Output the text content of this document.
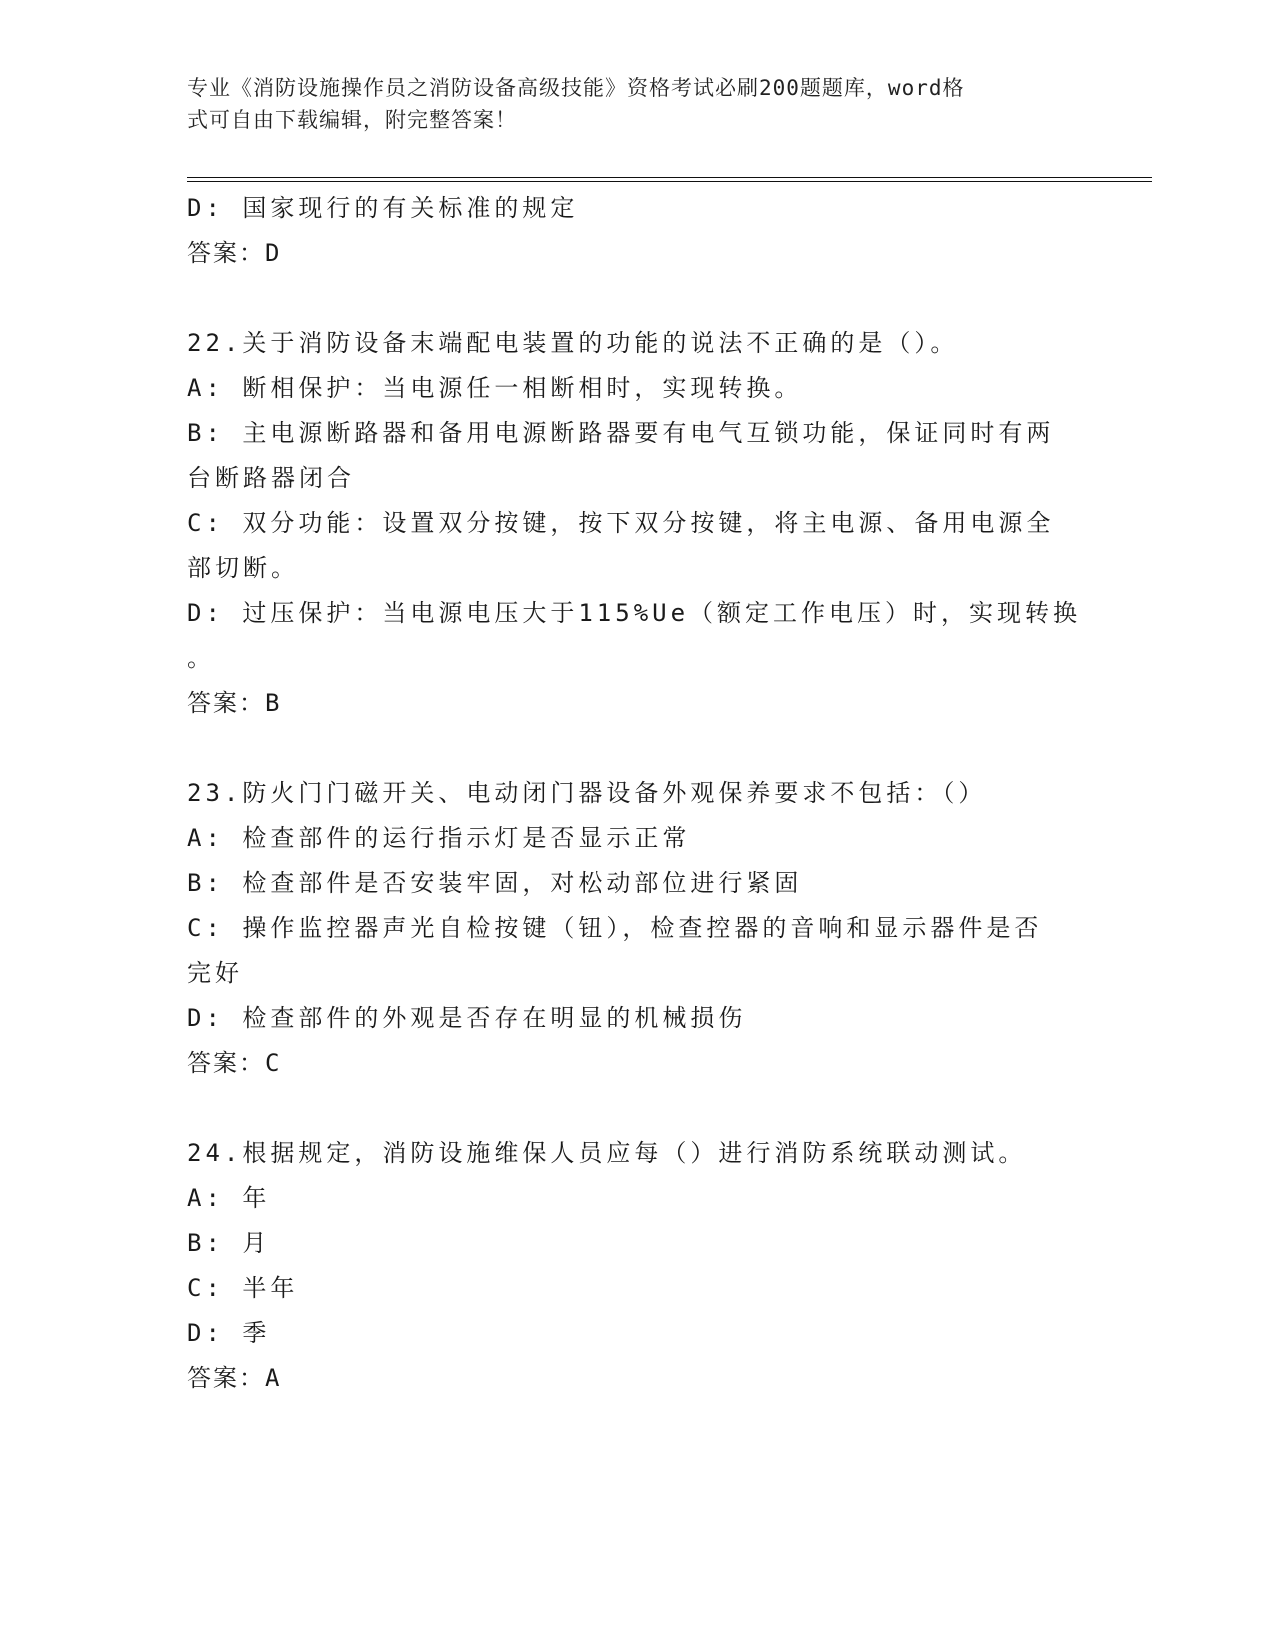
专业《消防设施操作员之消防设备高级技能》资格考试必刷200题题库，word格
式可自由下载编辑，附完整答案！
D: 国家现行的有关标准的规定
答案：D
22.关于消防设备末端配电装置的功能的说法不正确的是（）。
A: 断相保护：当电源任一相断相时，实现转换。
B: 主电源断路器和备用电源断路器要有电气互锁功能，保证同时有两
台断路器闭合
C: 双分功能：设置双分按键，按下双分按键，将主电源、备用电源全
部切断。
D: 过压保护：当电源电压大于115%Ue（额定工作电压）时，实现转换
。
答案：B
23.防火门门磁开关、电动闭门器设备外观保养要求不包括：（）
A: 检查部件的运行指示灯是否显示正常
B: 检查部件是否安装牢固，对松动部位进行紧固
C: 操作监控器声光自检按键（钮），检查控器的音响和显示器件是否
完好
D: 检查部件的外观是否存在明显的机械损伤
答案：C
24.根据规定，消防设施维保人员应每（）进行消防系统联动测试。
A: 年
B: 月
C: 半年
D: 季
答案：A
